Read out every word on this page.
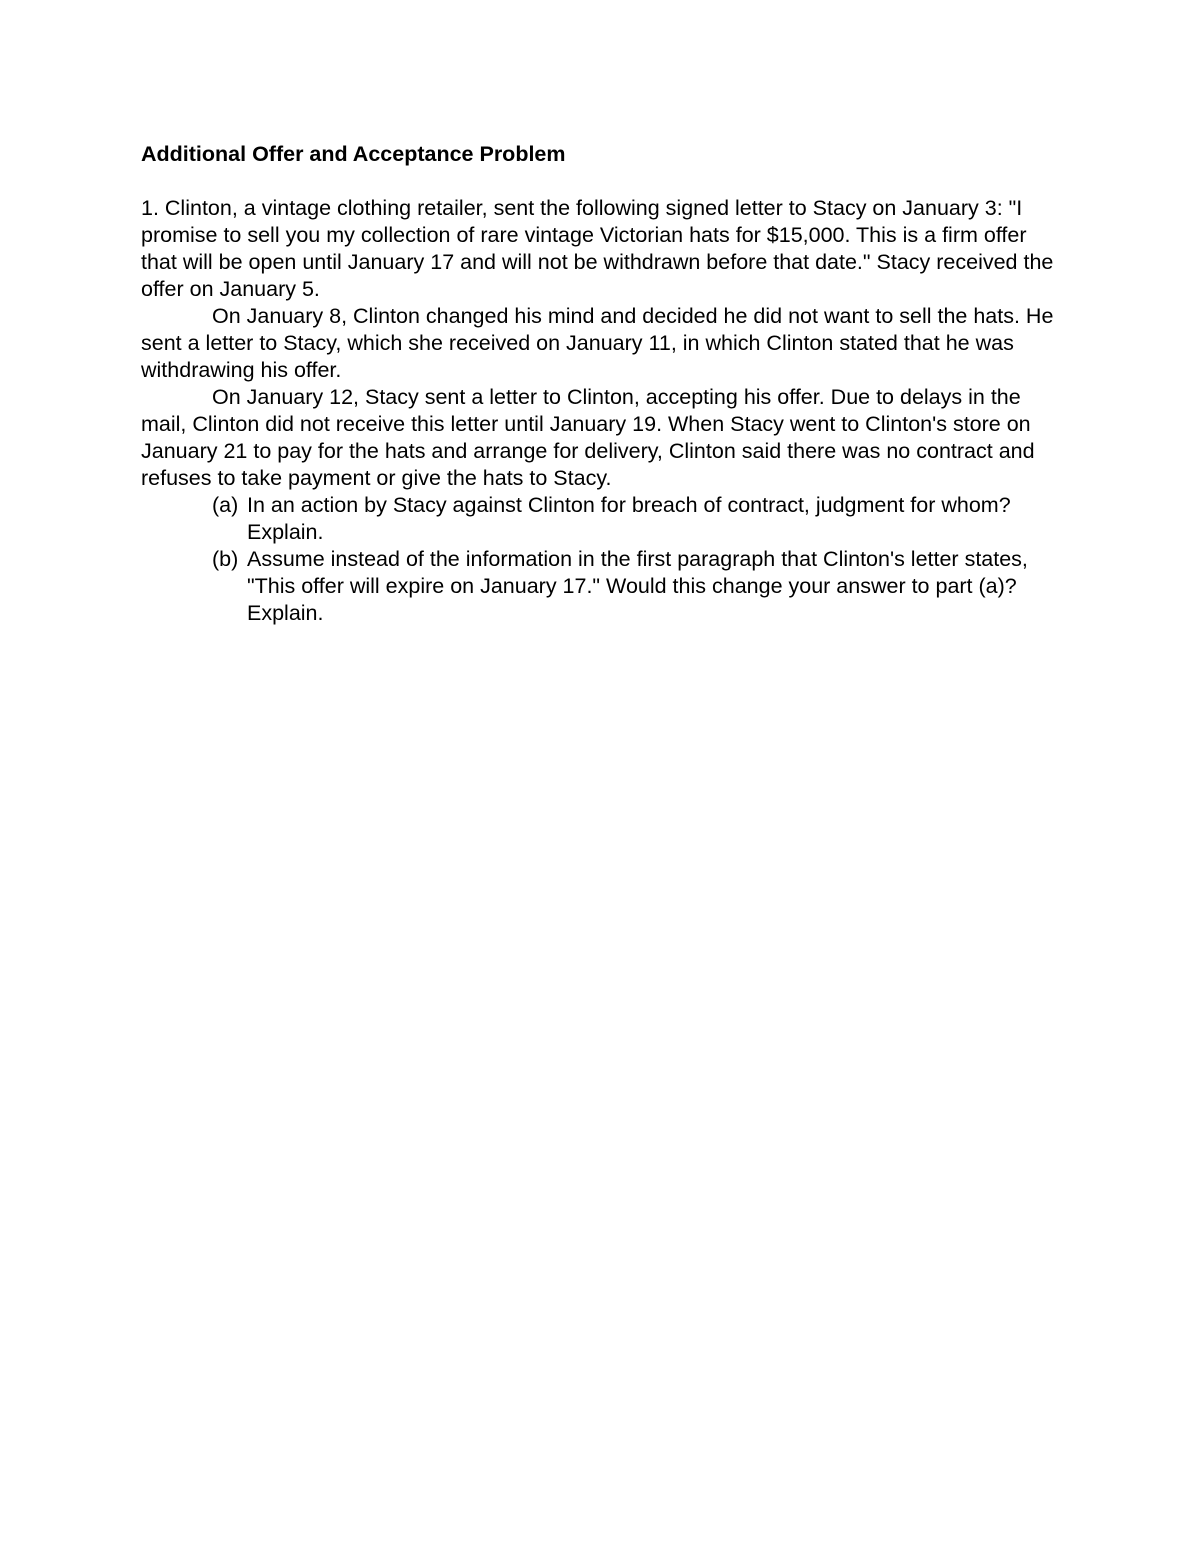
Additional Offer and Acceptance Problem

1. Clinton, a vintage clothing retailer, sent the following signed letter to Stacy on January 3: "I promise to sell you my collection of rare vintage Victorian hats for $15,000. This is a firm offer that will be open until January 17 and will not be withdrawn before that date." Stacy received the offer on January 5.

On January 8, Clinton changed his mind and decided he did not want to sell the hats. He sent a letter to Stacy, which she received on January 11, in which Clinton stated that he was withdrawing his offer.

On January 12, Stacy sent a letter to Clinton, accepting his offer. Due to delays in the mail, Clinton did not receive this letter until January 19. When Stacy went to Clinton's store on January 21 to pay for the hats and arrange for delivery, Clinton said there was no contract and refuses to take payment or give the hats to Stacy.

(a) In an action by Stacy against Clinton for breach of contract, judgment for whom? Explain.
(b) Assume instead of the information in the first paragraph that Clinton's letter states, "This offer will expire on January 17." Would this change your answer to part (a)? Explain.
